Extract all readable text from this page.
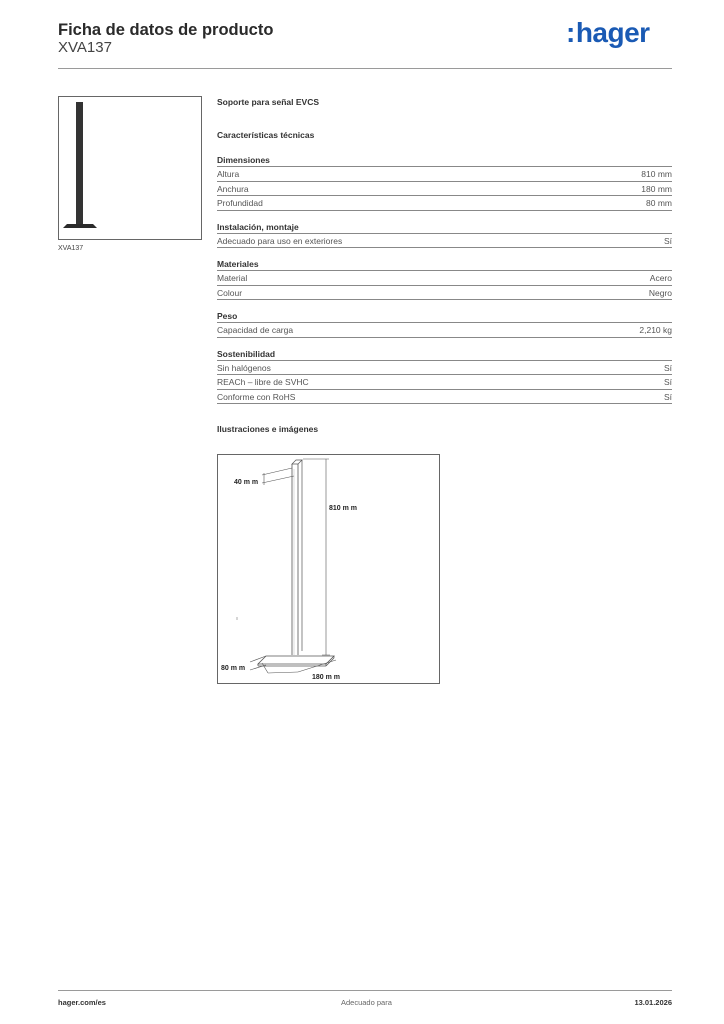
Ficha de datos de producto
XVA137	:hager
XVA137
Soporte para señal EVCS
Características técnicas
Dimensiones
Altura	810 mm
Anchura	180 mm
Profundidad	80 mm
Instalación, montaje
Adecuado para uso en exteriores	Sí
Materiales
Material	Acero
Colour	Negro
Peso
Capacidad de carga	2,210 kg
Sostenibilidad
Sin halógenos	Sí
REACh – libre de SVHC	Sí
Conforme con RoHS	Sí
Ilustraciones e imágenes
40 m m
810 m m
80 m m
180 m m
hager.com/es	Adecuado para	13.01.2026
